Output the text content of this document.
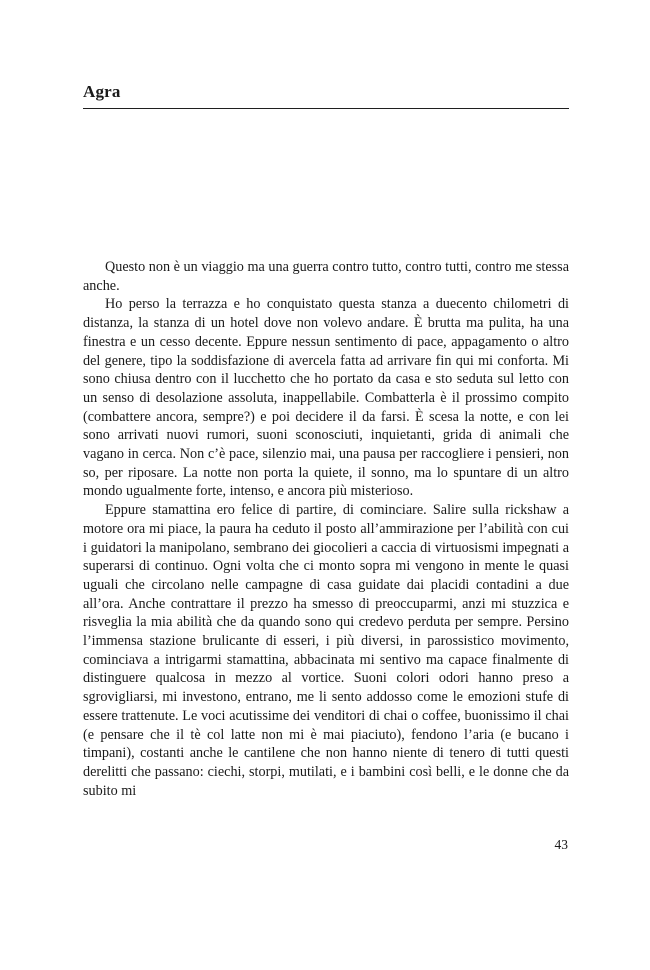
Agra

Questo non è un viaggio ma una guerra contro tutto, contro tutti, contro me stessa anche.

Ho perso la terrazza e ho conquistato questa stanza a duecento chilometri di distanza, la stanza di un hotel dove non volevo andare. È brutta ma pulita, ha una finestra e un cesso decente. Eppure nessun sentimento di pace, appagamento o altro del genere, tipo la soddisfazione di avercela fatta ad arrivare fin qui mi conforta. Mi sono chiusa dentro con il lucchetto che ho portato da casa e sto seduta sul letto con un senso di desolazione assoluta, inappellabile. Combatterla è il prossimo compito (combattere ancora, sempre?) e poi decidere il da farsi. È scesa la notte, e con lei sono arrivati nuovi rumori, suoni sconosciuti, inquietanti, grida di animali che vagano in cerca. Non c’è pace, silenzio mai, una pausa per raccogliere i pensieri, non so, per riposare. La notte non porta la quiete, il sonno, ma lo spuntare di un altro mondo ugualmente forte, intenso, e ancora più misterioso.

Eppure stamattina ero felice di partire, di cominciare. Salire sulla rickshaw a motore ora mi piace, la paura ha ceduto il posto all’ammirazione per l’abilità con cui i guidatori la manipolano, sembrano dei giocolieri a caccia di virtuosismi impegnati a superarsi di continuo. Ogni volta che ci monto sopra mi vengono in mente le quasi uguali che circolano nelle campagne di casa guidate dai placidi contadini a due all’ora. Anche contrattare il prezzo ha smesso di preoccuparmi, anzi mi stuzzica e risveglia la mia abilità che da quando sono qui credevo perduta per sempre. Persino l’immensa stazione brulicante di esseri, i più diversi, in parossistico movimento, cominciava a intrigarmi stamattina, abbacinata mi sentivo ma capace finalmente di distinguere qualcosa in mezzo al vortice. Suoni colori odori hanno preso a sgrovigliarsi, mi investono, entrano, me li sento addosso come le emozioni stufe di essere trattenute. Le voci acutissime dei venditori di chai o coffee, buonissimo il chai (e pensare che il tè col latte non mi è mai piaciuto), fendono l’aria (e bucano i timpani), costanti anche le cantilene che non hanno niente di tenero di tutti questi derelitti che passano: ciechi, storpi, mutilati, e i bambini così belli, e le donne che da subito mi

43
